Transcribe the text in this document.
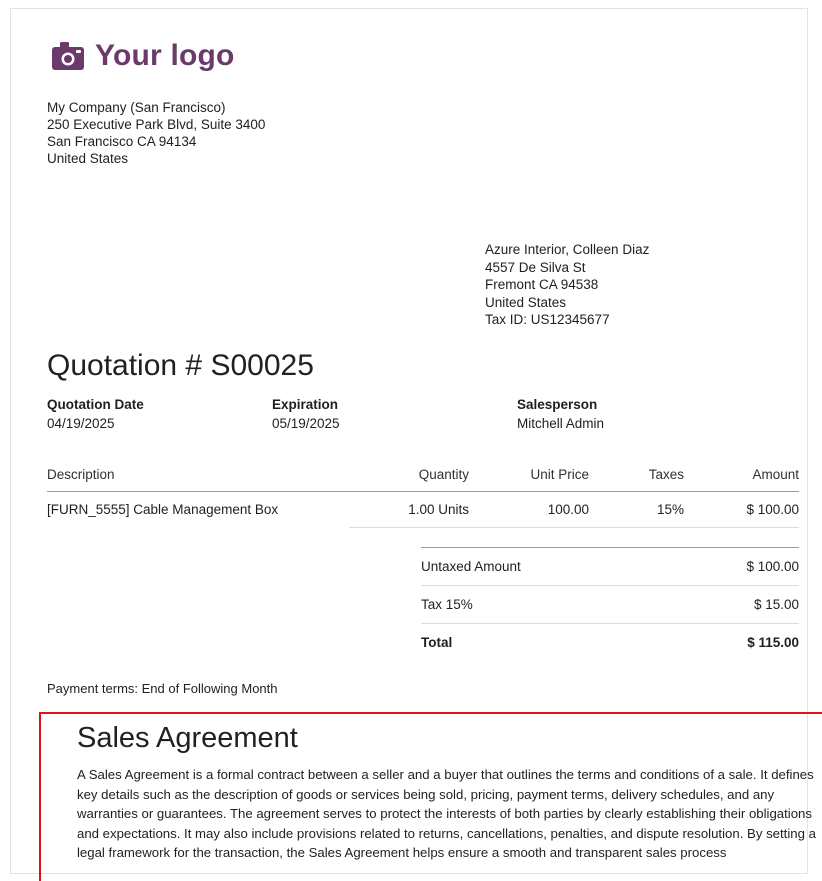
Your logo
My Company (San Francisco)
250 Executive Park Blvd, Suite 3400
San Francisco CA 94134
United States
Azure Interior, Colleen Diaz
4557 De Silva St
Fremont CA 94538
United States
Tax ID: US12345677
Quotation # S00025
Quotation Date
04/19/2025
Expiration
05/19/2025
Salesperson
Mitchell Admin
Description	Quantity	Unit Price	Taxes	Amount
[FURN_5555] Cable Management Box	1.00 Units	100.00	15%	$ 100.00
Untaxed Amount	$ 100.00
Tax 15%	$ 15.00
Total	$ 115.00
Payment terms: End of Following Month
Sales Agreement

A Sales Agreement is a formal contract between a seller and a buyer that outlines the terms and conditions of a sale. It defines key details such as the description of goods or services being sold, pricing, payment terms, delivery schedules, and any warranties or guarantees. The agreement serves to protect the interests of both parties by clearly establishing their obligations and expectations. It may also include provisions related to returns, cancellations, penalties, and dispute resolution. By setting a legal framework for the transaction, the Sales Agreement helps ensure a smooth and transparent sales process
